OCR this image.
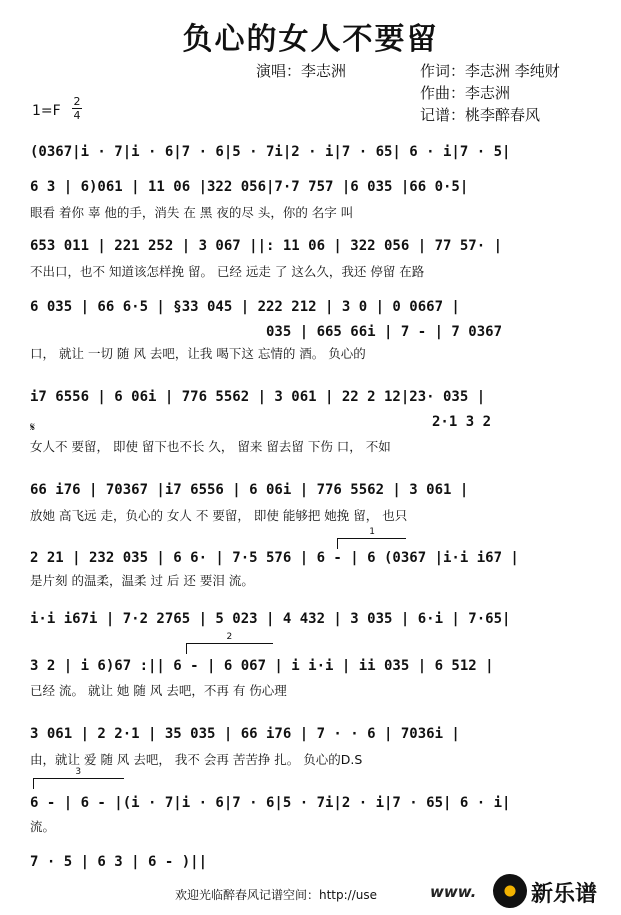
负心的女人不要留
演唱：李志洲	作词：李志洲 李纯财
作曲：李志洲
记谱：桃李醉春风
1=F
2
4
(0367|i · 7|i · 6|7 · 6|5 · 7i|2 · i|7 · 65| 6 · i|7 · 5|
6 3 | 6)061 | 11 06 |322 056|7·7 757 |6 035 |66 0·5|
眼看 着你 辜 他的手，消失 在 黑 夜的尽 头，你的 名字 叫
653 011 | 221 252 | 3 067 ||: 11 06 | 322 056 | 77 57· |
不出口，也不 知道该怎样挽 留。 已经 远走 了 这么久，我还 停留 在路
6 035 | 66 6·5 | §33 045 | 222 212 | 3 0 | 0 0667 |
035 | 665 66i | 7 - | 7 0367
口， 就让 一切 随 风 去吧，让我 喝下这 忘情的 酒。 负心的
i7 6556 | 6 06i | 776 5562 | 3 061 | 22 2 12|23· 035 |
2·1 3 2
𝄋
女人不 要留， 即使 留下也不长 久， 留来 留去留 下伤 口， 不如
66 i76 | 70367 |i7 6556 | 6 06i | 776 5562 | 3 061 |
放她 高飞远 走，负心的 女人 不 要留， 即使 能够把 她挽 留， 也只
1
2 21 | 232 035 | 6 6· | 7·5 576 | 6 - | 6 (0367 |i·i i67 |
是片刻 的温柔，温柔 过 后 还 要泪 流。
i·i i67i | 7·2 2765 | 5 023 | 4 432 | 3 035 | 6·i | 7·65|
2
3 2 | i 6)67 :|| 6 - | 6 067 | i i·i | ii 035 | 6 512 |
已经 流。 就让 她 随 风 去吧，不再 有 伤心理
3 061 | 2 2·1 | 35 035 | 66 i76 | 7 · · 6 | 7036i |
由，就让 爱 随 风 去吧， 我不 会再 苦苦挣 扎。 负心的D.S
3
6 - | 6 - |(i · 7|i · 6|7 · 6|5 · 7i|2 · i|7 · 65| 6 · i|
流。
7 · 5 | 6 3 | 6 - )||
欢迎光临醉春风记谱空间：http://use	www. 新乐谱
